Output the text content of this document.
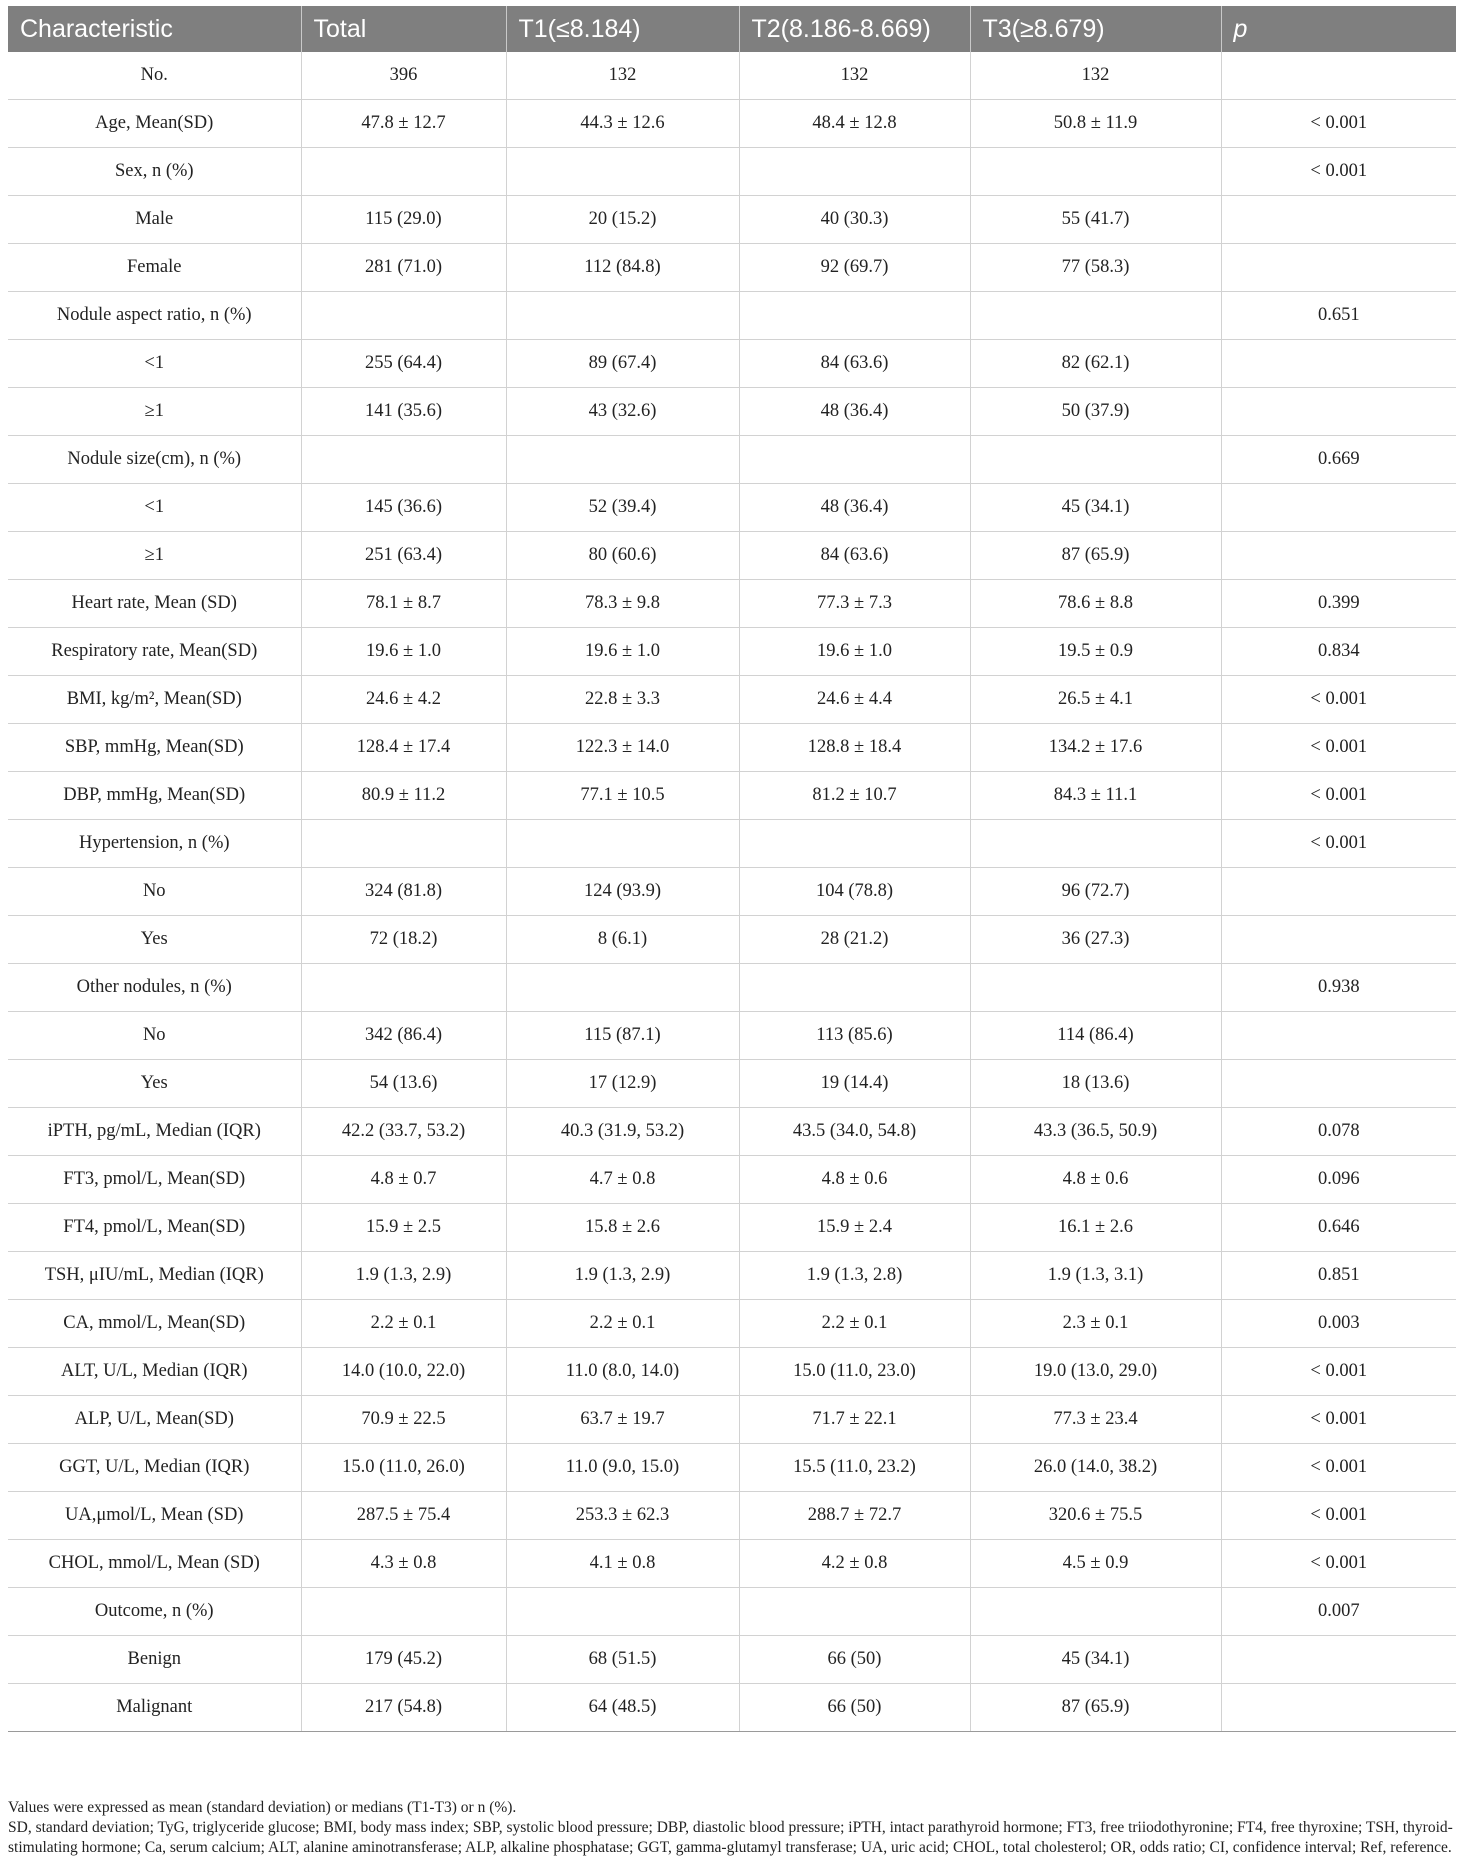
Characteristic	Total	T1(≤8.184)	T2(8.186-8.669)	T3(≥8.679)	p
No.	396	132	132	132	
Age, Mean(SD)	47.8 ± 12.7	44.3 ± 12.6	48.4 ± 12.8	50.8 ± 11.9	< 0.001
Sex, n (%)					< 0.001
Male	115 (29.0)	20 (15.2)	40 (30.3)	55 (41.7)	
Female	281 (71.0)	112 (84.8)	92 (69.7)	77 (58.3)	
Nodule aspect ratio, n (%)					0.651
<1	255 (64.4)	89 (67.4)	84 (63.6)	82 (62.1)	
≥1	141 (35.6)	43 (32.6)	48 (36.4)	50 (37.9)	
Nodule size(cm), n (%)					0.669
<1	145 (36.6)	52 (39.4)	48 (36.4)	45 (34.1)	
≥1	251 (63.4)	80 (60.6)	84 (63.6)	87 (65.9)	
Heart rate, Mean (SD)	78.1 ± 8.7	78.3 ± 9.8	77.3 ± 7.3	78.6 ± 8.8	0.399
Respiratory rate, Mean(SD)	19.6 ± 1.0	19.6 ± 1.0	19.6 ± 1.0	19.5 ± 0.9	0.834
BMI, kg/m², Mean(SD)	24.6 ± 4.2	22.8 ± 3.3	24.6 ± 4.4	26.5 ± 4.1	< 0.001
SBP, mmHg, Mean(SD)	128.4 ± 17.4	122.3 ± 14.0	128.8 ± 18.4	134.2 ± 17.6	< 0.001
DBP, mmHg, Mean(SD)	80.9 ± 11.2	77.1 ± 10.5	81.2 ± 10.7	84.3 ± 11.1	< 0.001
Hypertension, n (%)					< 0.001
No	324 (81.8)	124 (93.9)	104 (78.8)	96 (72.7)	
Yes	72 (18.2)	8 (6.1)	28 (21.2)	36 (27.3)	
Other nodules, n (%)					0.938
No	342 (86.4)	115 (87.1)	113 (85.6)	114 (86.4)	
Yes	54 (13.6)	17 (12.9)	19 (14.4)	18 (13.6)	
iPTH, pg/mL, Median (IQR)	42.2 (33.7, 53.2)	40.3 (31.9, 53.2)	43.5 (34.0, 54.8)	43.3 (36.5, 50.9)	0.078
FT3, pmol/L, Mean(SD)	4.8 ± 0.7	4.7 ± 0.8	4.8 ± 0.6	4.8 ± 0.6	0.096
FT4, pmol/L, Mean(SD)	15.9 ± 2.5	15.8 ± 2.6	15.9 ± 2.4	16.1 ± 2.6	0.646
TSH, μIU/mL, Median (IQR)	1.9 (1.3, 2.9)	1.9 (1.3, 2.9)	1.9 (1.3, 2.8)	1.9 (1.3, 3.1)	0.851
CA, mmol/L, Mean(SD)	2.2 ± 0.1	2.2 ± 0.1	2.2 ± 0.1	2.3 ± 0.1	0.003
ALT, U/L, Median (IQR)	14.0 (10.0, 22.0)	11.0 (8.0, 14.0)	15.0 (11.0, 23.0)	19.0 (13.0, 29.0)	< 0.001
ALP, U/L, Mean(SD)	70.9 ± 22.5	63.7 ± 19.7	71.7 ± 22.1	77.3 ± 23.4	< 0.001
GGT, U/L, Median (IQR)	15.0 (11.0, 26.0)	11.0 (9.0, 15.0)	15.5 (11.0, 23.2)	26.0 (14.0, 38.2)	< 0.001
UA,μmol/L, Mean (SD)	287.5 ± 75.4	253.3 ± 62.3	288.7 ± 72.7	320.6 ± 75.5	< 0.001
CHOL, mmol/L, Mean (SD)	4.3 ± 0.8	4.1 ± 0.8	4.2 ± 0.8	4.5 ± 0.9	< 0.001
Outcome, n (%)					0.007
Benign	179 (45.2)	68 (51.5)	66 (50)	45 (34.1)	
Malignant	217 (54.8)	64 (48.5)	66 (50)	87 (65.9)	

Values were expressed as mean (standard deviation) or medians (T1-T3) or n (%).

SD, standard deviation; TyG, triglyceride glucose; BMI, body mass index; SBP, systolic blood pressure; DBP, diastolic blood pressure; iPTH, intact parathyroid hormone; FT3, free triiodothyronine; FT4, free thyroxine; TSH, thyroid-stimulating hormone; Ca, serum calcium; ALT, alanine aminotransferase; ALP, alkaline phosphatase; GGT, gamma-glutamyl transferase; UA, uric acid; CHOL, total cholesterol; OR, odds ratio; CI, confidence interval; Ref, reference.
